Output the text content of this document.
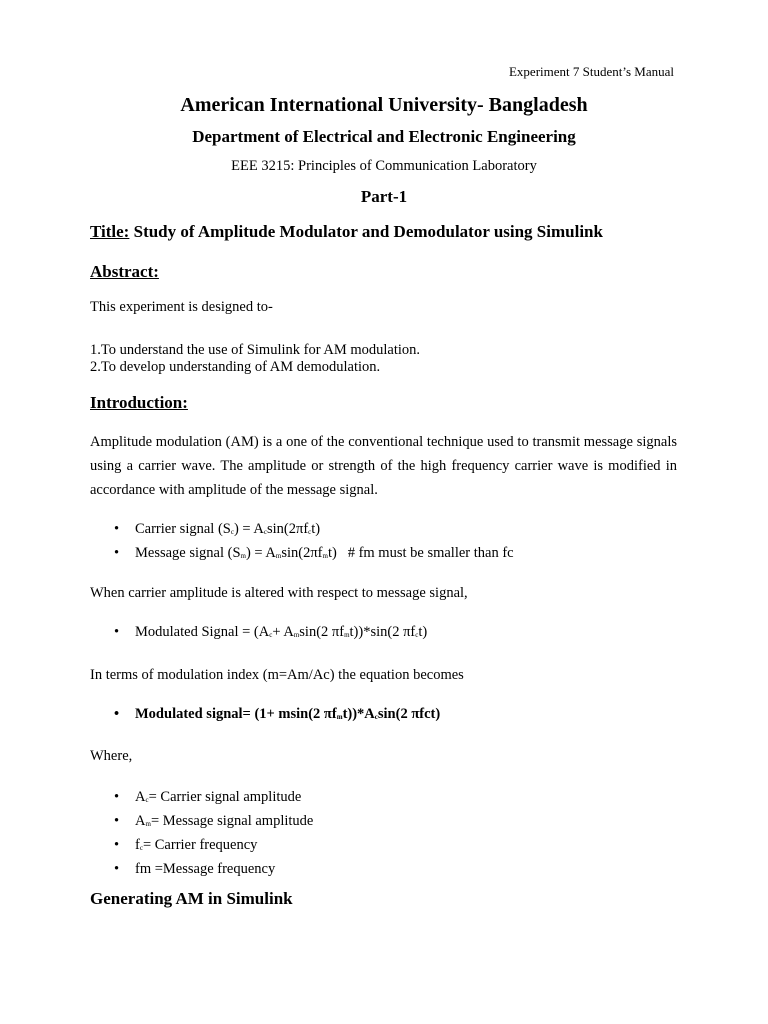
Experiment 7 Student’s Manual
American International University- Bangladesh
Department of Electrical and Electronic Engineering
EEE 3215: Principles of Communication Laboratory
Part-1
Title: Study of Amplitude Modulator and Demodulator using Simulink
Abstract:
This experiment is designed to-
1.To understand the use of Simulink for AM modulation.
2.To develop understanding of AM demodulation.
Introduction:
Amplitude modulation (AM) is a one of the conventional technique used to transmit message signals using a carrier wave. The amplitude or strength of the high frequency carrier wave is modified in accordance with amplitude of the message signal.
• Carrier signal $(S_c) = A_c\sin(2\pi f_ct)$
• Message signal $(S_m) = A_m\sin(2\pi f_mt)$   # fm must be smaller than fc
When carrier amplitude is altered with respect to message signal,
• Modulated Signal = ($A_c+ A_m\sin(2$ $\pi f_mt))*\sin(2$ $\pi f_ct$)
In terms of modulation index (m=Am/Ac) the equation becomes
• Modulated signal= (1+ msin(2 $\pi f_mt))*A_c\sin(2$ πfct)
Where,
• $A_c=$ Carrier signal amplitude
• $A_m=$ Message signal amplitude
• $f_c=$ Carrier frequency
• fm =Message frequency
Generating AM in Simulink
